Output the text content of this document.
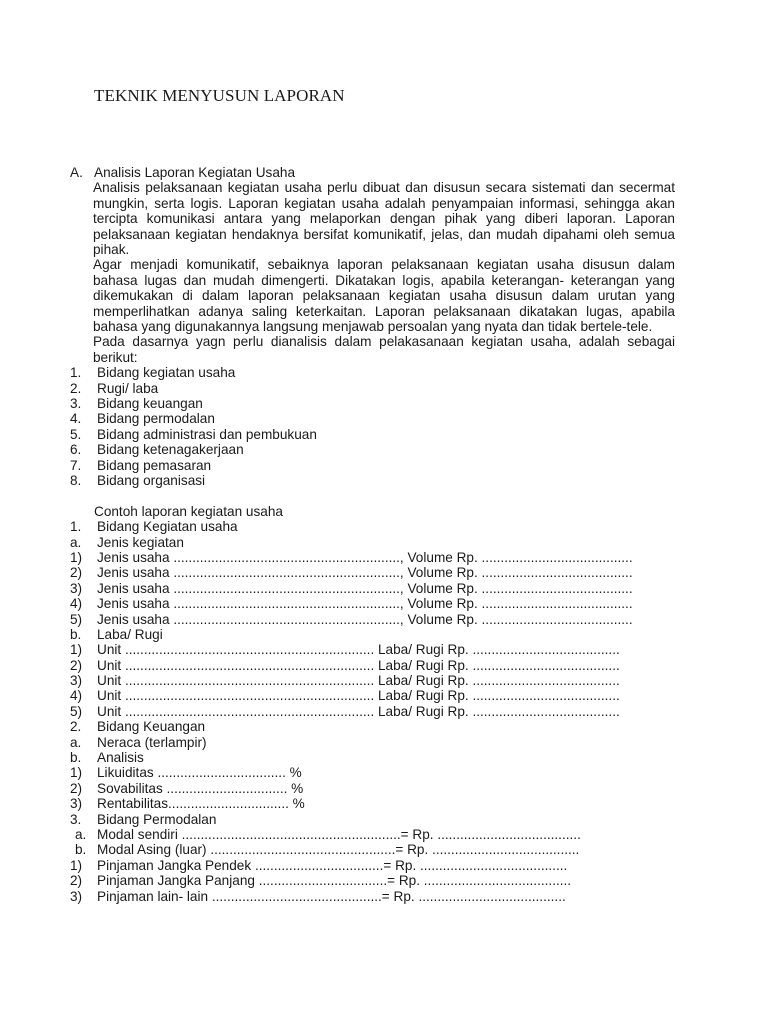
TEKNIK MENYUSUN LAPORAN
A. Analisis Laporan Kegiatan Usaha

Analisis pelaksanaan kegiatan usaha perlu dibuat dan disusun secara sistemati dan secermat mungkin, serta logis. Laporan kegiatan usaha adalah penyampaian informasi, sehingga akan tercipta komunikasi antara yang melaporkan dengan pihak yang diberi laporan. Laporan pelaksanaan kegiatan hendaknya bersifat komunikatif, jelas, dan mudah dipahami oleh semua pihak.

Agar menjadi komunikatif, sebaiknya laporan pelaksanaan kegiatan usaha disusun dalam bahasa lugas dan mudah dimengerti. Dikatakan logis, apabila keterangan- keterangan yang dikemukakan di dalam laporan pelaksanaan kegiatan usaha disusun dalam urutan yang memperlihatkan adanya saling keterkaitan. Laporan pelaksanaan dikatakan lugas, apabila bahasa yang digunakannya langsung menjawab persoalan yang nyata dan tidak bertele-tele.

Pada dasarnya yagn perlu dianalisis dalam pelakasanaan kegiatan usaha, adalah sebagai berikut:

1. Bidang kegiatan usaha
2. Rugi/ laba
3. Bidang keuangan
4. Bidang permodalan
5. Bidang administrasi dan pembukuan
6. Bidang ketenagakerjaan
7. Bidang pemasaran
8. Bidang organisasi
Contoh laporan kegiatan usaha
1. Bidang Kegiatan usaha
a. Jenis kegiatan
1) Jenis usaha ............................................................, Volume Rp. ........................................
2) Jenis usaha ............................................................, Volume Rp. ........................................
3) Jenis usaha ............................................................, Volume Rp. ........................................
4) Jenis usaha ............................................................, Volume Rp. ........................................
5) Jenis usaha ............................................................, Volume Rp. ........................................
b. Laba/ Rugi
1) Unit .................................................................. Laba/ Rugi Rp. .......................................
2) Unit .................................................................. Laba/ Rugi Rp. .......................................
3) Unit .................................................................. Laba/ Rugi Rp. .......................................
4) Unit .................................................................. Laba/ Rugi Rp. .......................................
5) Unit .................................................................. Laba/ Rugi Rp. .......................................
2. Bidang Keuangan
a. Neraca (terlampir)
b. Analisis
1) Likuiditas .................................. %
2) Sovabilitas ................................ %
3) Rentabilitas................................ %
3. Bidang Permodalan
a. Modal sendiri ..........................................................= Rp. ......................................
b. Modal Asing (luar) .................................................= Rp. .......................................
1) Pinjaman Jangka Pendek ..................................= Rp. .......................................
2) Pinjaman Jangka Panjang ..................................= Rp. .......................................
3) Pinjaman lain- lain .............................................= Rp. .......................................
